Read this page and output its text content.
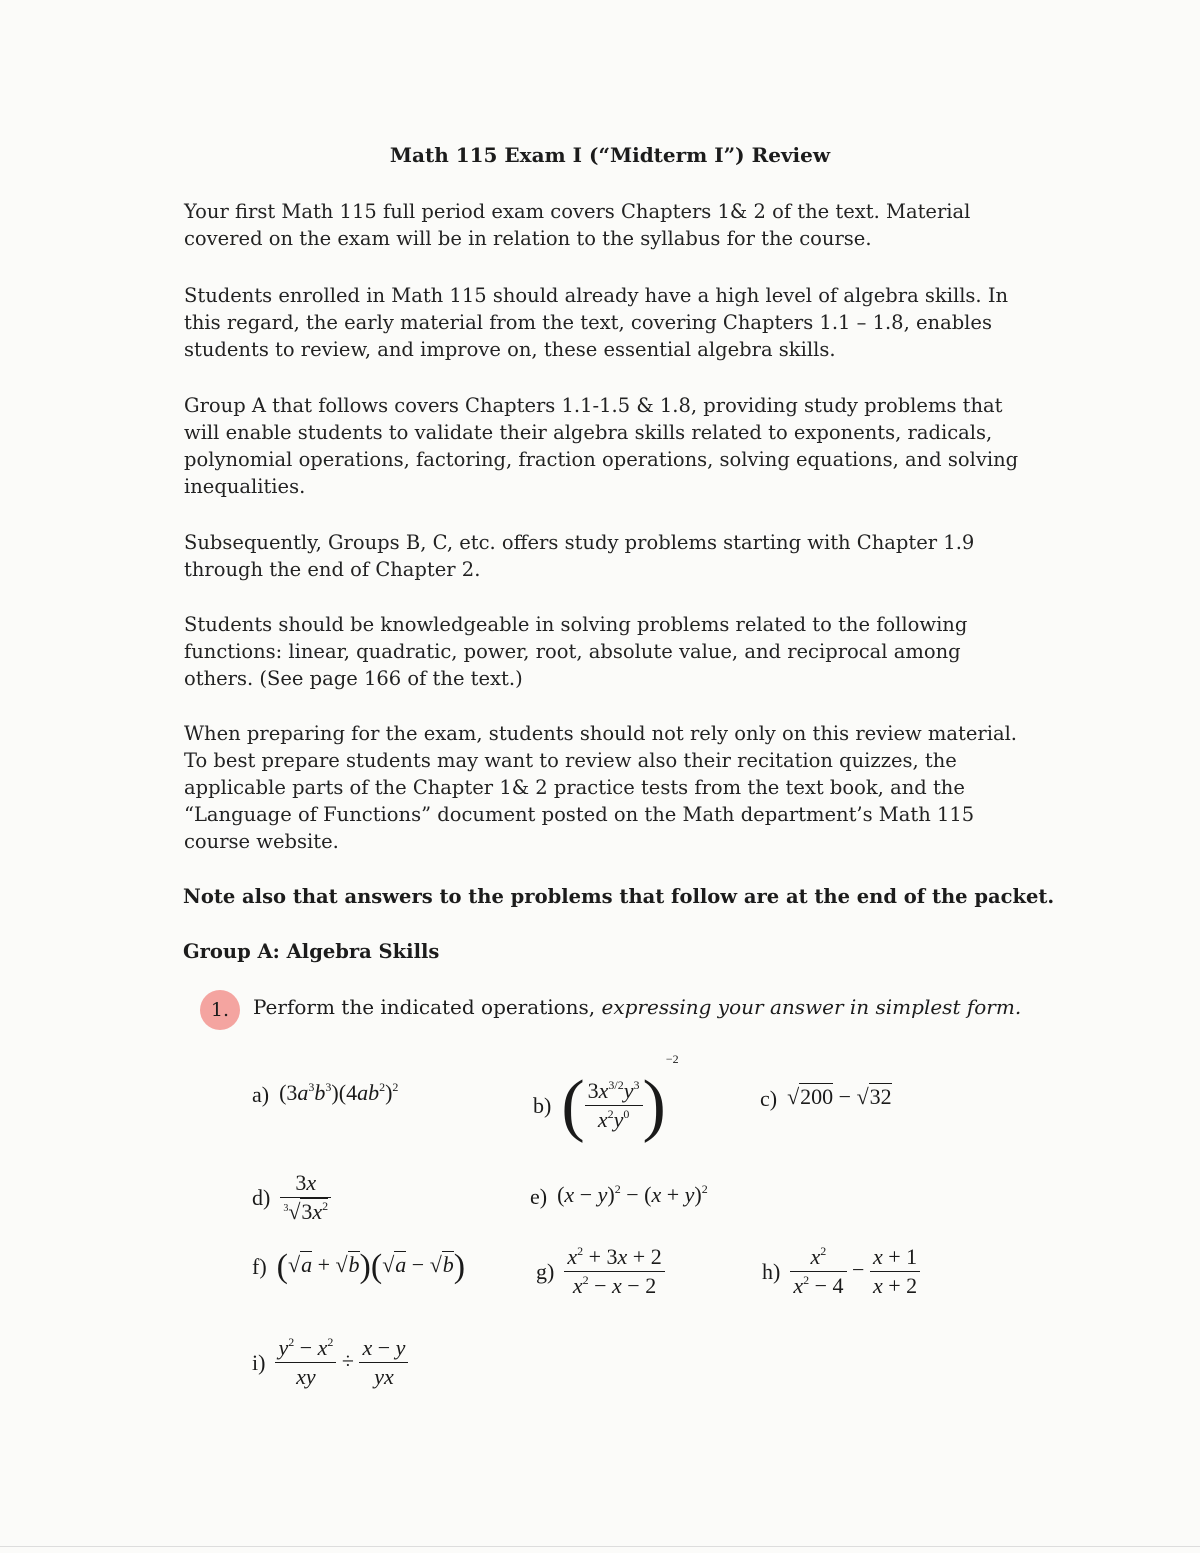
Math 115 Exam I (“Midterm I”) Review

Your first Math 115 full period exam covers Chapters 1& 2 of the text. Material

covered on the exam will be in relation to the syllabus for the course.

Students enrolled in Math 115 should already have a high level of algebra skills. In

this regard, the early material from the text, covering Chapters 1.1 – 1.8, enables

students to review, and improve on, these essential algebra skills.

Group A that follows covers Chapters 1.1-1.5 & 1.8, providing study problems that

will enable students to validate their algebra skills related to exponents, radicals,

polynomial operations, factoring, fraction operations, solving equations, and solving

inequalities.

Subsequently, Groups B, C, etc. offers study problems starting with Chapter 1.9

through the end of Chapter 2.

Students should be knowledgeable in solving problems related to the following

functions: linear, quadratic, power, root, absolute value, and reciprocal among

others. (See page 166 of the text.)

When preparing for the exam, students should not rely only on this review material.

To best prepare students may want to review also their recitation quizzes, the

applicable parts of the Chapter 1& 2 practice tests from the text book, and the

“Language of Functions” document posted on the Math department’s Math 115

course website.

Note also that answers to the problems that follow are at the end of the packet.
Group A: Algebra Skills
1.	Perform the indicated operations, expressing your answer in simplest form.
a) $(3a^3b^3)(4ab^2)^2$
b) ( $\frac{3x^{3/2}y^3}{x^2y^0} )^{-2}$
c) √200 − √32
$d) \frac{3x}{^3√3x^2}$	e) $(x - y)^2 - (x + y)^2$
f) (√a + √b)(√a − √b)	$g) \frac{x^2 + 3x + 2}{x^2 - x - 2}$	$h) \frac{x^2}{x^2 - 4} - \frac{x + 1}{x + 2}$
$i) \frac{y^2 - x^2}{xy} \div \frac{x - y}{yx}$
